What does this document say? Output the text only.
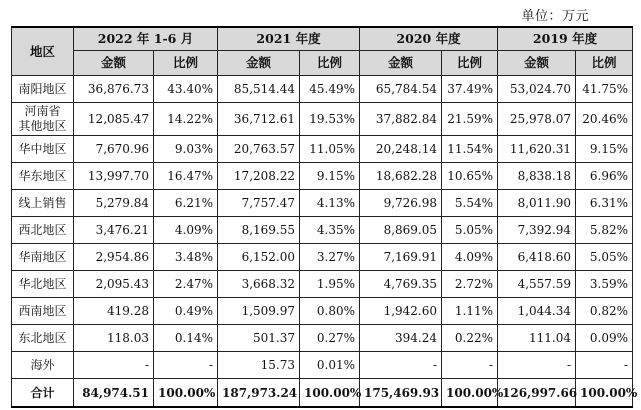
单位：万元
地区	2022 年 1-6 月		2021 年度		2020 年度		2019 年度	
	金额	比例	金额	比例	金额	比例	金额	比例
南阳地区	36,876.73	43.40%	85,514.44	45.49%	65,784.54	37.49%	53,024.70	41.75%

河南省
其他地区	12,085.47	14.22%	36,712.61	19.53%	37,882.84	21.59%	25,978.07	20.46%
华中地区	7,670.96	9.03%	20,763.57	11.05%	20,248.14	11.54%	11,620.31	9.15%
华东地区	13,997.70	16.47%	17,208.22	9.15%	18,682.28	10.65%	8,838.18	6.96%
线上销售	5,279.84	6.21%	7,757.47	4.13%	9,726.98	5.54%	8,011.90	6.31%
西北地区	3,476.21	4.09%	8,169.55	4.35%	8,869.05	5.05%	7,392.94	5.82%
华南地区	2,954.86	3.48%	6,152.00	3.27%	7,169.91	4.09%	6,418.60	5.05%
华北地区	2,095.43	2.47%	3,668.32	1.95%	4,769.35	2.72%	4,557.59	3.59%
西南地区	419.28	0.49%	1,509.97	0.80%	1,942.60	1.11%	1,044.34	0.82%
东北地区	118.03	0.14%	501.37	0.27%	394.24	0.22%	111.04	0.09%
海外	-	-	15.73	0.01%	-	-	-	-
合计	84,974.51	100.00%	187,973.24	100.00%	175,469.93	100.00%	126,997.66	100.00%
